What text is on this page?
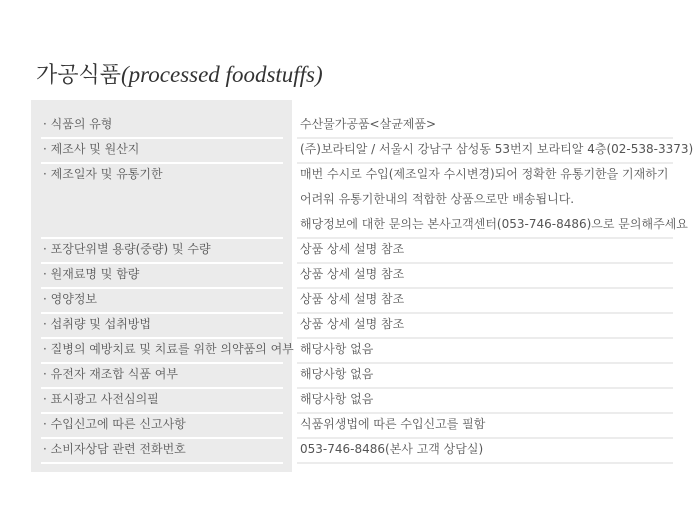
가공식품(processed foodstuffs)
· 식품의 유형	수산물가공품<살균제품>
· 제조사 및 원산지	(주)보라티알 / 서울시 강남구 삼성동 53번지 보라티알 4층(02-538-3373)
· 제조일자 및 유통기한	매번 수시로 수입(제조일자 수시변경)되어 정확한 유통기한을 기재하기
어려워 유통기한내의 적합한 상품으로만 배송됩니다.
해당정보에 대한 문의는 본사고객센터(053-746-8486)으로 문의해주세요
· 포장단위별 용량(중량) 및 수량	상품 상세 설명 참조
· 원재료명 및 함량	상품 상세 설명 참조
· 영양정보	상품 상세 설명 참조
· 섭취량 및 섭취방법	상품 상세 설명 참조
· 질병의 예방치료 및 치료를 위한 의약품의 여부 해당사항 없음
· 유전자 재조합 식품 여부	해당사항 없음
· 표시광고 사전심의필	해당사항 없음
· 수입신고에 따른 신고사항	식품위생법에 따른 수입신고를 필함
· 소비자상담 관련 전화번호	053-746-8486(본사 고객 상담실)
